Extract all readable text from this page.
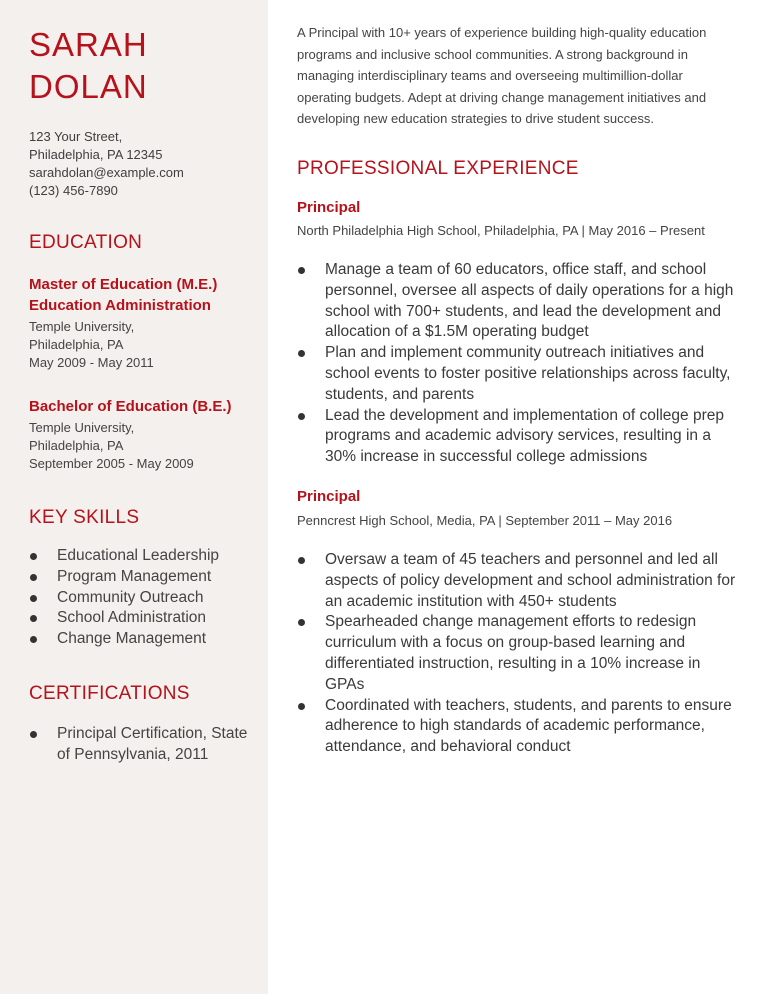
SARAH
DOLAN
123 Your Street,
Philadelphia, PA 12345
sarahdolan@example.com
(123) 456-7890
EDUCATION
Master of Education (M.E.)
Education Administration
Temple University,
Philadelphia, PA
May 2009 - May 2011
Bachelor of Education (B.E.)
Temple University,
Philadelphia, PA
September 2005 - May 2009
KEY SKILLS
Educational Leadership
Program Management
Community Outreach
School Administration
Change Management
CERTIFICATIONS
Principal Certification, State of Pennsylvania, 2011
A Principal with 10+ years of experience building high-quality education programs and inclusive school communities. A strong background in managing interdisciplinary teams and overseeing multimillion-dollar operating budgets. Adept at driving change management initiatives and developing new education strategies to drive student success.
PROFESSIONAL EXPERIENCE
Principal
North Philadelphia High School, Philadelphia, PA | May 2016 – Present
Manage a team of 60 educators, office staff, and school personnel, oversee all aspects of daily operations for a high school with 700+ students, and lead the development and allocation of a $1.5M operating budget
Plan and implement community outreach initiatives and school events to foster positive relationships across faculty, students, and parents
Lead the development and implementation of college prep programs and academic advisory services, resulting in a 30% increase in successful college admissions
Principal
Penncrest High School, Media, PA | September 2011 – May 2016
Oversaw a team of 45 teachers and personnel and led all aspects of policy development and school administration for an academic institution with 450+ students
Spearheaded change management efforts to redesign curriculum with a focus on group-based learning and differentiated instruction, resulting in a 10% increase in GPAs
Coordinated with teachers, students, and parents to ensure adherence to high standards of academic performance, attendance, and behavioral conduct
